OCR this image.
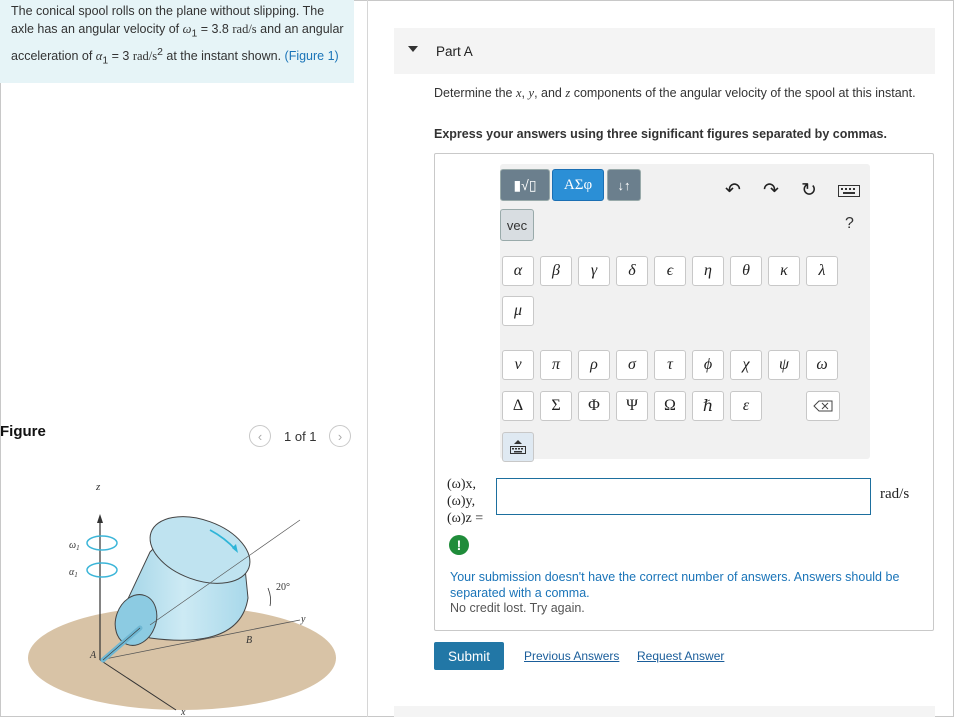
The conical spool rolls on the plane without slipping. The axle has an angular velocity of $\omega_1 = 3.8$ rad/s and an angular acceleration of $\alpha_1 = 3$ rad/$s^2$ at the instant shown. (Figure 1)
Figure	‹ 1 of 1 ›
z
$\omega_1$
$\alpha_1$
x
y
20°
A
B
Part A
Determine the x, y, and z components of the angular velocity of the spool at this instant.
Express your answers using three significant figures separated by commas.
▮√▯	ΑΣφ	↓↑
vec
↶ ↷ ↻
?
α	β	γ	δ	ϵ	η	θ	κ	λ
μ
ν	π	ρ	σ	τ	ϕ	χ	ψ	ω
Δ	Σ	Φ	Ψ	Ω	ℏ	ε
(ω)x,
(ω)y,
(ω)z =
rad/s
!
Your submission doesn't have the correct number of answers. Answers should be separated with a comma.
No credit lost. Try again.
Submit	Previous Answers Request Answer
